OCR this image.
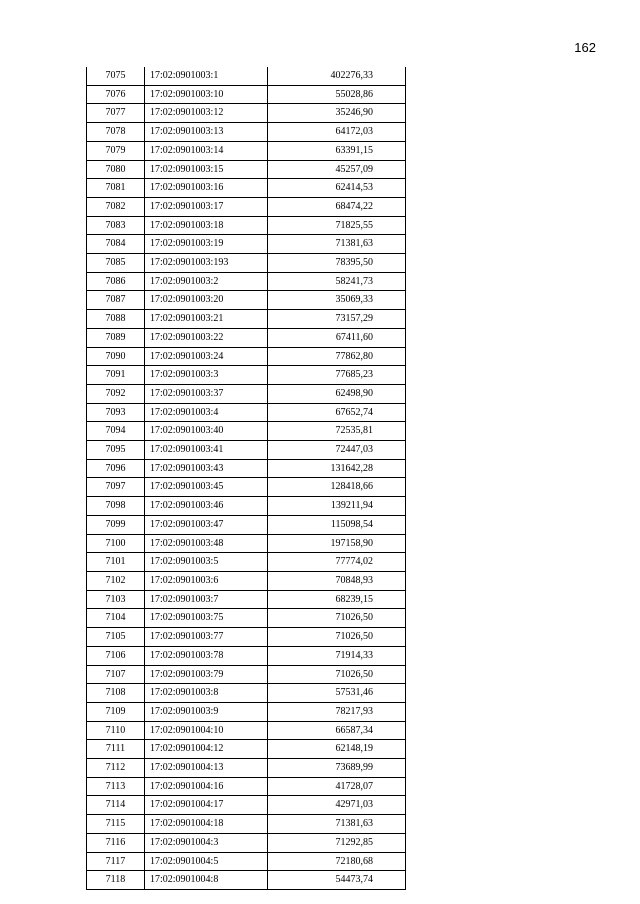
162
7075	17:02:0901003:1	402276,33
7076	17:02:0901003:10	55028,86
7077	17:02:0901003:12	35246,90
7078	17:02:0901003:13	64172,03
7079	17:02:0901003:14	63391,15
7080	17:02:0901003:15	45257,09
7081	17:02:0901003:16	62414,53
7082	17:02:0901003:17	68474,22
7083	17:02:0901003:18	71825,55
7084	17:02:0901003:19	71381,63
7085	17:02:0901003:193	78395,50
7086	17:02:0901003:2	58241,73
7087	17:02:0901003:20	35069,33
7088	17:02:0901003:21	73157,29
7089	17:02:0901003:22	67411,60
7090	17:02:0901003:24	77862,80
7091	17:02:0901003:3	77685,23
7092	17:02:0901003:37	62498,90
7093	17:02:0901003:4	67652,74
7094	17:02:0901003:40	72535,81
7095	17:02:0901003:41	72447,03
7096	17:02:0901003:43	131642,28
7097	17:02:0901003:45	128418,66
7098	17:02:0901003:46	139211,94
7099	17:02:0901003:47	115098,54
7100	17:02:0901003:48	197158,90
7101	17:02:0901003:5	77774,02
7102	17:02:0901003:6	70848,93
7103	17:02:0901003:7	68239,15
7104	17:02:0901003:75	71026,50
7105	17:02:0901003:77	71026,50
7106	17:02:0901003:78	71914,33
7107	17:02:0901003:79	71026,50
7108	17:02:0901003:8	57531,46
7109	17:02:0901003:9	78217,93
7110	17:02:0901004:10	66587,34
7111	17:02:0901004:12	62148,19
7112	17:02:0901004:13	73689,99
7113	17:02:0901004:16	41728,07
7114	17:02:0901004:17	42971,03
7115	17:02:0901004:18	71381,63
7116	17:02:0901004:3	71292,85
7117	17:02:0901004:5	72180,68
7118	17:02:0901004:8	54473,74
